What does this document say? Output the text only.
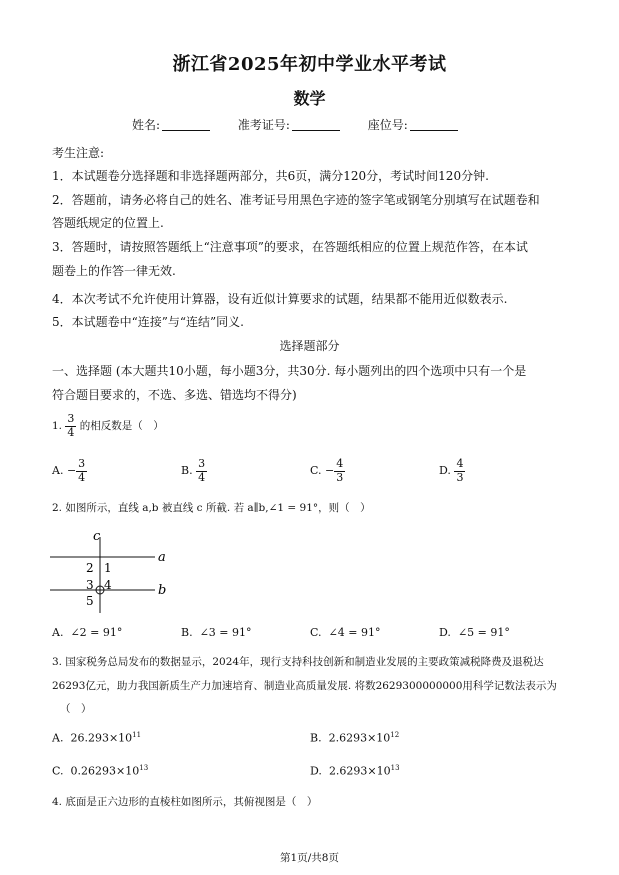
浙江省2025年初中学业水平考试
数学
姓名:	准考证号:	座位号:
考生注意:
1．本试题卷分选择题和非选择题两部分，共6页，满分120分，考试时间120分钟.
2．答题前，请务必将自己的姓名、准考证号用黑色字迹的签字笔或钢笔分别填写在试题卷和
答题纸规定的位置上.
3．答题时，请按照答题纸上“注意事项”的要求，在答题纸相应的位置上规范作答，在本试
题卷上的作答一律无效.
4．本次考试不允许使用计算器，设有近似计算要求的试题，结果都不能用近似数表示.
5．本试题卷中“连接”与“连结”同义.
选择题部分
一、选择题 (本大题共10小题，每小题3分，共30分. 每小题列出的四个选项中只有一个是
符合题目要求的，不选、多选、错选均不得分)
1. $\frac{3}{4}$ 的相反数是（　）
A. − $\frac{3}{4}$	B. $\frac{3}{4}$	C. − $\frac{4}{3}$	D. $\frac{4}{3}$
2. 如图所示，直线 a,b 被直线 c 所截. 若 a∥b,∠1 = 91°，则（　）
c
a
b
2 1
3 4
5
A. ∠2 = 91°	B. ∠3 = 91°	C. ∠4 = 91°	D. ∠5 = 91°
3. 国家税务总局发布的数据显示，2024年，现行支持科技创新和制造业发展的主要政策减税降费及退税达
26293亿元，助力我国新质生产力加速培育、制造业高质量发展. 将数2629300000000用科学记数法表示为
（　）
A. $26.293\times 10^{11}$	B. $2.6293\times 10^{12}$
C. $0.26293\times 10^{13}$	D. $2.6293\times 10^{13}$
4. 底面是正六边形的直棱柱如图所示，其俯视图是（　）
第1页/共8页
